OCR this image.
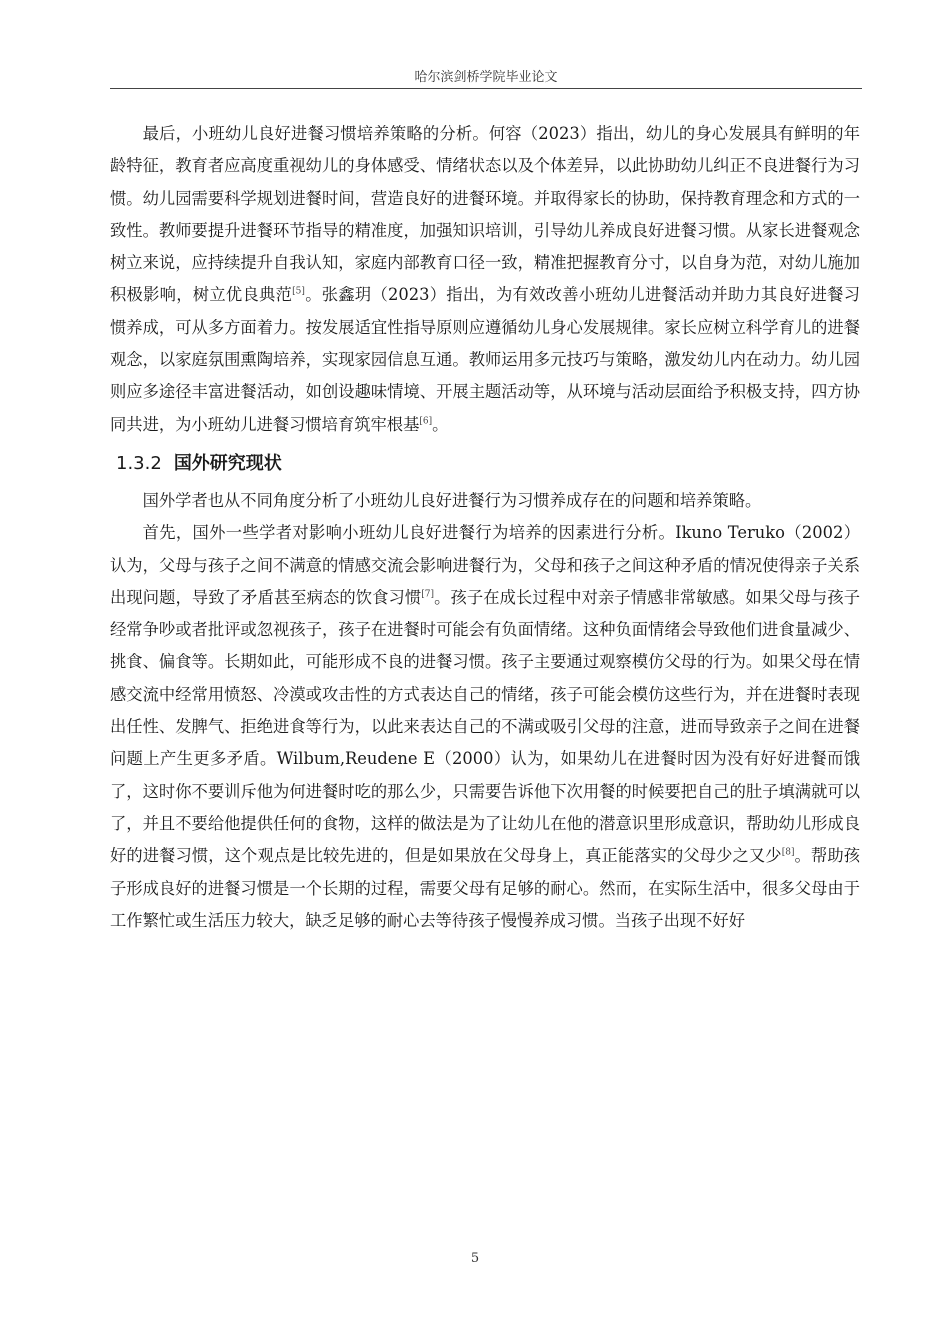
哈尔滨剑桥学院毕业论文

最后，小班幼儿良好进餐习惯培养策略的分析。何容（2023）指出，幼儿的身心发展具有鲜明的年龄特征，教育者应高度重视幼儿的身体感受、情绪状态以及个体差异，以此协助幼儿纠正不良进餐行为习惯。幼儿园需要科学规划进餐时间，营造良好的进餐环境。并取得家长的协助，保持教育理念和方式的一致性。教师要提升进餐环节指导的精准度，加强知识培训，引导幼儿养成良好进餐习惯。从家长进餐观念树立来说，应持续提升自我认知，家庭内部教育口径一致，精准把握教育分寸，以自身为范，对幼儿施加积极影响，树立优良典范[5]。张鑫玥（2023）指出，为有效改善小班幼儿进餐活动并助力其良好进餐习惯养成，可从多方面着力。按发展适宜性指导原则应遵循幼儿身心发展规律。家长应树立科学育儿的进餐观念，以家庭氛围熏陶培养，实现家园信息互通。教师运用多元技巧与策略，激发幼儿内在动力。幼儿园则应多途径丰富进餐活动，如创设趣味情境、开展主题活动等，从环境与活动层面给予积极支持，四方协同共进，为小班幼儿进餐习惯培育筑牢根基[6]。

1.3.2 国外研究现状

国外学者也从不同角度分析了小班幼儿良好进餐行为习惯养成存在的问题和培养策略。

首先，国外一些学者对影响小班幼儿良好进餐行为培养的因素进行分析。Ikuno Teruko（2002）认为，父母与孩子之间不满意的情感交流会影响进餐行为，父母和孩子之间这种矛盾的情况使得亲子关系出现问题，导致了矛盾甚至病态的饮食习惯[7]。孩子在成长过程中对亲子情感非常敏感。如果父母与孩子经常争吵或者批评或忽视孩子，孩子在进餐时可能会有负面情绪。这种负面情绪会导致他们进食量减少、挑食、偏食等。长期如此，可能形成不良的进餐习惯。孩子主要通过观察模仿父母的行为。如果父母在情感交流中经常用愤怒、冷漠或攻击性的方式表达自己的情绪，孩子可能会模仿这些行为，并在进餐时表现出任性、发脾气、拒绝进食等行为，以此来表达自己的不满或吸引父母的注意，进而导致亲子之间在进餐问题上产生更多矛盾。Wilbum,Reudene E（2000）认为，如果幼儿在进餐时因为没有好好进餐而饿了，这时你不要训斥他为何进餐时吃的那么少，只需要告诉他下次用餐的时候要把自己的肚子填满就可以了，并且不要给他提供任何的食物，这样的做法是为了让幼儿在他的潜意识里形成意识，帮助幼儿形成良好的进餐习惯，这个观点是比较先进的，但是如果放在父母身上，真正能落实的父母少之又少[8]。帮助孩子形成良好的进餐习惯是一个长期的过程，需要父母有足够的耐心。然而，在实际生活中，很多父母由于工作繁忙或生活压力较大，缺乏足够的耐心去等待孩子慢慢养成习惯。当孩子出现不好好

5
